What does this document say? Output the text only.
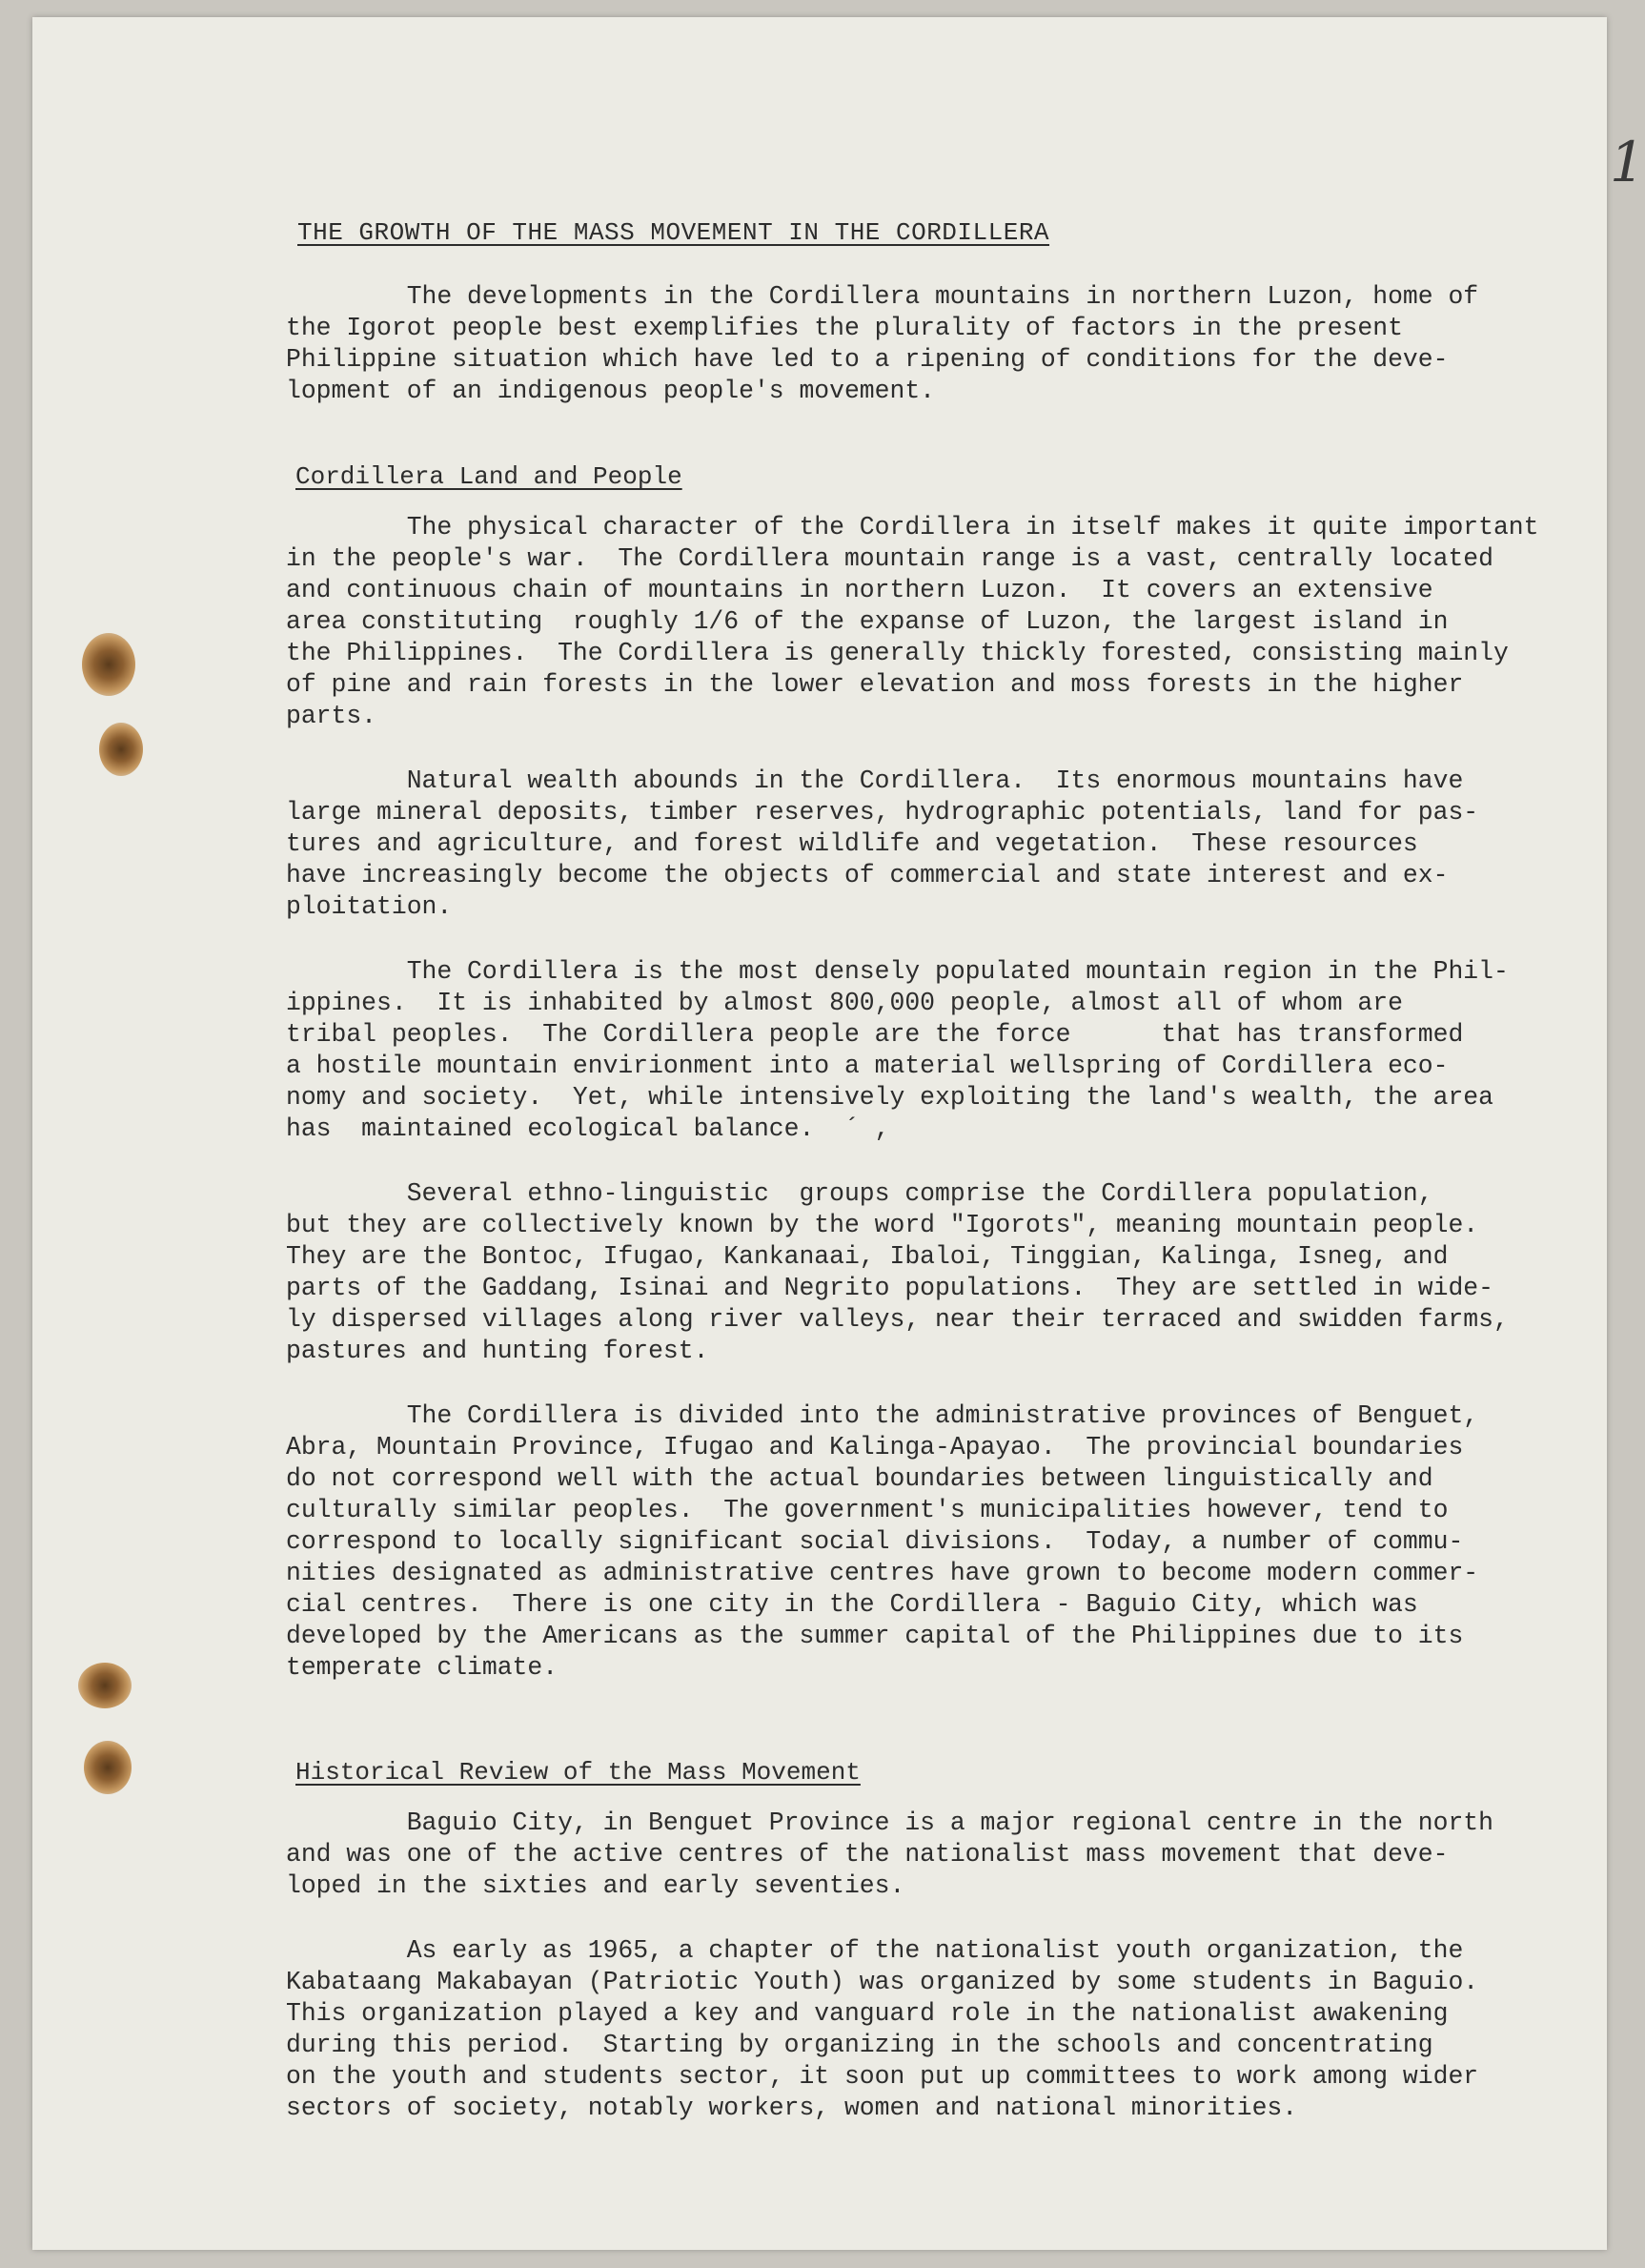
1
THE GROWTH OF THE MASS MOVEMENT IN THE CORDILLERA
The developments in the Cordillera mountains in northern Luzon, home of
the Igorot people best exemplifies the plurality of factors in the present
Philippine situation which have led to a ripening of conditions for the deve-
lopment of an indigenous people's movement.
Cordillera Land and People
The physical character of the Cordillera in itself makes it quite important
in the people's war.  The Cordillera mountain range is a vast, centrally located
and continuous chain of mountains in northern Luzon.  It covers an extensive
area constituting  roughly 1/6 of the expanse of Luzon, the largest island in
the Philippines.  The Cordillera is generally thickly forested, consisting mainly
of pine and rain forests in the lower elevation and moss forests in the higher
parts.
Natural wealth abounds in the Cordillera.  Its enormous mountains have
large mineral deposits, timber reserves, hydrographic potentials, land for pas-
tures and agriculture, and forest wildlife and vegetation.  These resources
have increasingly become the objects of commercial and state interest and ex-
ploitation.
The Cordillera is the most densely populated mountain region in the Phil-
ippines.  It is inhabited by almost 800,000 people, almost all of whom are
tribal peoples.  The Cordillera people are the force      that has transformed
a hostile mountain envirionment into a material wellspring of Cordillera eco-
nomy and society.  Yet, while intensively exploiting the land's wealth, the area
has  maintained ecological balance.  ´ ,
Several ethno-linguistic  groups comprise the Cordillera population,
but they are collectively known by the word "Igorots", meaning mountain people.
They are the Bontoc, Ifugao, Kankanaai, Ibaloi, Tinggian, Kalinga, Isneg, and
parts of the Gaddang, Isinai and Negrito populations.  They are settled in wide-
ly dispersed villages along river valleys, near their terraced and swidden farms,
pastures and hunting forest.
The Cordillera is divided into the administrative provinces of Benguet,
Abra, Mountain Province, Ifugao and Kalinga-Apayao.  The provincial boundaries
do not correspond well with the actual boundaries between linguistically and
culturally similar peoples.  The government's municipalities however, tend to
correspond to locally significant social divisions.  Today, a number of commu-
nities designated as administrative centres have grown to become modern commer-
cial centres.  There is one city in the Cordillera - Baguio City, which was
developed by the Americans as the summer capital of the Philippines due to its
temperate climate.
Historical Review of the Mass Movement
Baguio City, in Benguet Province is a major regional centre in the north
and was one of the active centres of the nationalist mass movement that deve-
loped in the sixties and early seventies.
As early as 1965, a chapter of the nationalist youth organization, the
Kabataang Makabayan (Patriotic Youth) was organized by some students in Baguio.
This organization played a key and vanguard role in the nationalist awakening
during this period.  Starting by organizing in the schools and concentrating
on the youth and students sector, it soon put up committees to work among wider
sectors of society, notably workers, women and national minorities.
